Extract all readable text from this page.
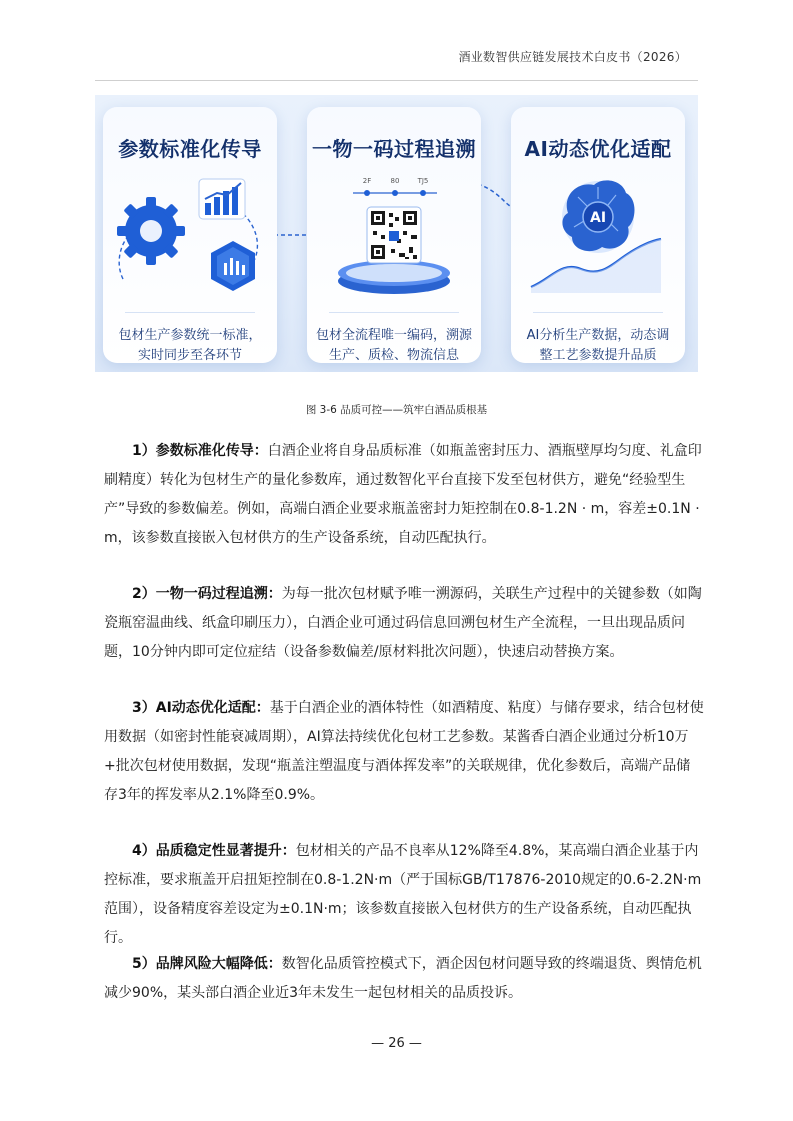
酒业数智供应链发展技术白皮书（2026）
参数标准化传导
包材生产参数统一标准，
实时同步至各环节
一物一码过程追溯
2F	80	TJ5
包材全流程唯一编码，溯源
生产、质检、物流信息
AI动态优化适配
AI
AI分析生产数据，动态调
整工艺参数提升品质
图 3-6 品质可控——筑牢白酒品质根基

1）参数标准化传导：白酒企业将自身品质标准（如瓶盖密封压力、酒瓶壁厚均匀度、礼盒印刷精度）转化为包材生产的量化参数库，通过数智化平台直接下发至包材供方，避免“经验型生产”导致的参数偏差。例如，高端白酒企业要求瓶盖密封力矩控制在0.8-1.2N · m，容差±0.1N · m，该参数直接嵌入包材供方的生产设备系统，自动匹配执行。

2）一物一码过程追溯：为每一批次包材赋予唯一溯源码，关联生产过程中的关键参数（如陶瓷瓶窑温曲线、纸盒印刷压力），白酒企业可通过码信息回溯包材生产全流程，一旦出现品质问题，10分钟内即可定位症结（设备参数偏差/原材料批次问题），快速启动替换方案。

3）AI动态优化适配：基于白酒企业的酒体特性（如酒精度、粘度）与储存要求，结合包材使用数据（如密封性能衰减周期），AI算法持续优化包材工艺参数。某酱香白酒企业通过分析10万+批次包材使用数据，发现“瓶盖注塑温度与酒体挥发率”的关联规律，优化参数后，高端产品储存3年的挥发率从2.1%降至0.9%。

4）品质稳定性显著提升：包材相关的产品不良率从12%降至4.8%，某高端白酒企业基于内控标准，要求瓶盖开启扭矩控制在0.8-1.2N·m（严于国标GB/T17876-2010规定的0.6-2.2N·m范围），设备精度容差设定为±0.1N·m；该参数直接嵌入包材供方的生产设备系统，自动匹配执行。

5）品牌风险大幅降低：数智化品质管控模式下，酒企因包材问题导致的终端退货、舆情危机减少90%，某头部白酒企业近3年未发生一起包材相关的品质投诉。

— 26 —
